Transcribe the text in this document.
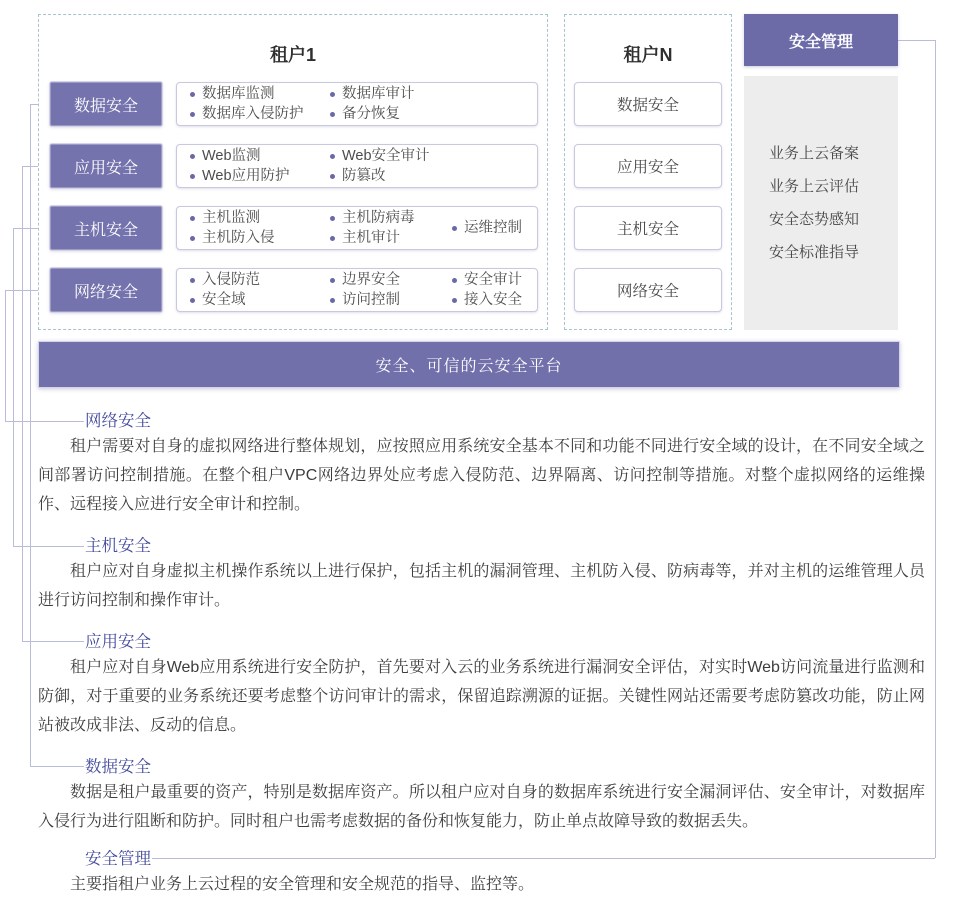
租户1
数据安全
数据库监测
数据库入侵防护
数据库审计
备分恢复
应用安全
Web监测
Web应用防护
Web安全审计
防篡改
主机安全
主机监测
主机防入侵
主机防病毒
主机审计
运维控制
网络安全
入侵防范
安全域
边界安全
访问控制
安全审计
接入安全
租户N
数据安全
应用安全
主机安全
网络安全
安全管理
业务上云备案
业务上云评估
安全态势感知
安全标准指导
安全、可信的云安全平台
网络安全

租户需要对自身的虚拟网络进行整体规划，应按照应用系统安全基本不同和功能不同进行安全域的设计，在不同安全域之间部署访问控制措施。在整个租户VPC网络边界处应考虑入侵防范、边界隔离、访问控制等措施。对整个虚拟网络的运维操作、远程接入应进行安全审计和控制。

主机安全

租户应对自身虚拟主机操作系统以上进行保护，包括主机的漏洞管理、主机防入侵、防病毒等，并对主机的运维管理人员进行访问控制和操作审计。

应用安全

租户应对自身Web应用系统进行安全防护，首先要对入云的业务系统进行漏洞安全评估，对实时Web访问流量进行监测和防御，对于重要的业务系统还要考虑整个访问审计的需求，保留追踪溯源的证据。关键性网站还需要考虑防篡改功能，防止网站被改成非法、反动的信息。

数据安全

数据是租户最重要的资产，特别是数据库资产。所以租户应对自身的数据库系统进行安全漏洞评估、安全审计，对数据库入侵行为进行阻断和防护。同时租户也需考虑数据的备份和恢复能力，防止单点故障导致的数据丢失。

安全管理

主要指租户业务上云过程的安全管理和安全规范的指导、监控等。
